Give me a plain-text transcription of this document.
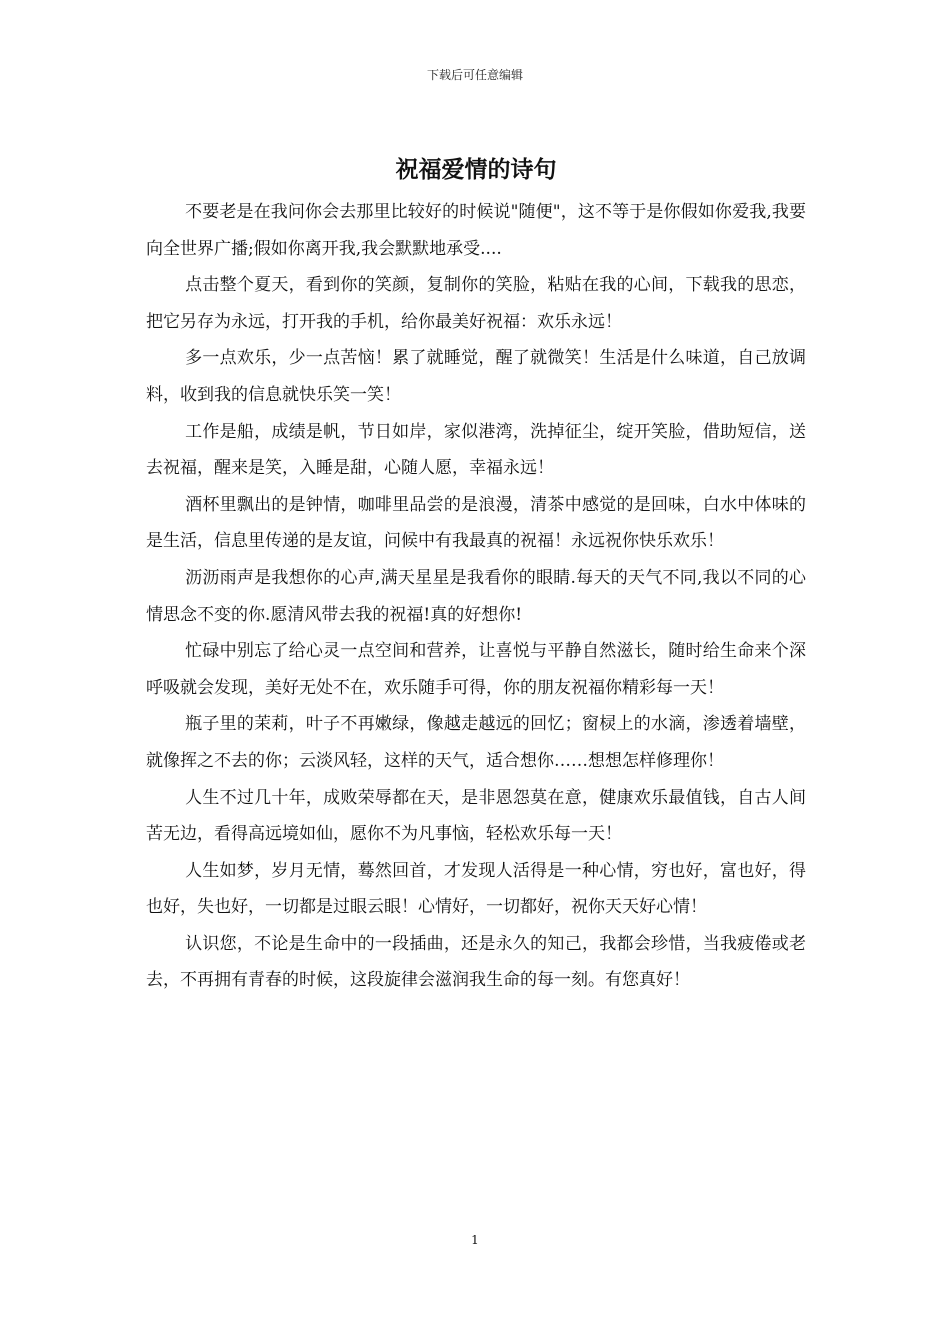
下载后可任意编辑
祝福爱情的诗句

不要老是在我问你会去那里比较好的时候说"随便"，这不等于是你假如你爱我,我要向全世界广播;假如你离开我,我会默默地承受....

点击整个夏天，看到你的笑颜，复制你的笑脸，粘贴在我的心间，下载我的思恋，把它另存为永远，打开我的手机，给你最美好祝福：欢乐永远！

多一点欢乐，少一点苦恼！累了就睡觉，醒了就微笑！生活是什么味道，自己放调料，收到我的信息就快乐笑一笑！

工作是船，成绩是帆，节日如岸，家似港湾，洗掉征尘，绽开笑脸，借助短信，送去祝福，醒来是笑，入睡是甜，心随人愿，幸福永远！

酒杯里飘出的是钟情，咖啡里品尝的是浪漫，清茶中感觉的是回味，白水中体味的是生活，信息里传递的是友谊，问候中有我最真的祝福！永远祝你快乐欢乐！

沥沥雨声是我想你的心声,满天星星是我看你的眼睛.每天的天气不同,我以不同的心情思念不变的你.愿清风带去我的祝福!真的好想你!

忙碌中别忘了给心灵一点空间和营养，让喜悦与平静自然滋长，随时给生命来个深呼吸就会发现，美好无处不在，欢乐随手可得，你的朋友祝福你精彩每一天！

瓶子里的茉莉，叶子不再嫩绿，像越走越远的回忆；窗棂上的水滴，渗透着墙壁，就像挥之不去的你；云淡风轻，这样的天气，适合想你……想想怎样修理你！

人生不过几十年，成败荣辱都在天，是非恩怨莫在意，健康欢乐最值钱，自古人间苦无边，看得高远境如仙，愿你不为凡事恼，轻松欢乐每一天！

人生如梦，岁月无情，蓦然回首，才发现人活得是一种心情，穷也好，富也好，得也好，失也好，一切都是过眼云眼！心情好，一切都好，祝你天天好心情！

认识您，不论是生命中的一段插曲，还是永久的知己，我都会珍惜，当我疲倦或老去，不再拥有青春的时候，这段旋律会滋润我生命的每一刻。有您真好！

1
